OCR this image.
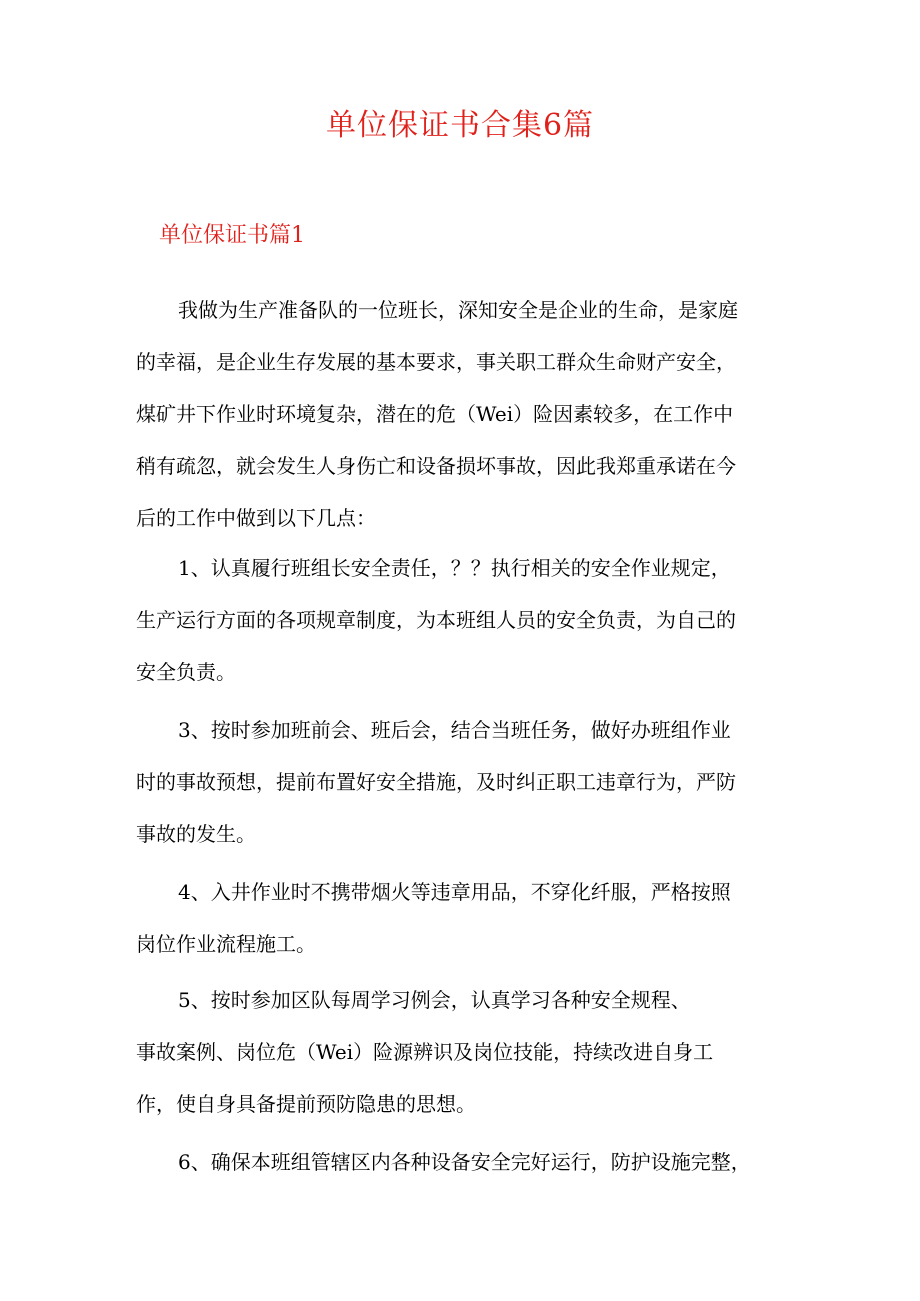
单位保证书合集6篇
单位保证书篇1
我做为生产准备队的一位班长，深知安全是企业的生命，是家庭
的幸福，是企业生存发展的基本要求，事关职工群众生命财产安全，
煤矿井下作业时环境复杂，潜在的危（Wei）险因素较多，在工作中
稍有疏忽，就会发生人身伤亡和设备损坏事故，因此我郑重承诺在今
后的工作中做到以下几点：
1、认真履行班组长安全责任，？？执行相关的安全作业规定，
生产运行方面的各项规章制度，为本班组人员的安全负责，为自己的
安全负责。
3、按时参加班前会、班后会，结合当班任务，做好办班组作业
时的事故预想，提前布置好安全措施，及时纠正职工违章行为，严防
事故的发生。
4、入井作业时不携带烟火等违章用品，不穿化纤服，严格按照
岗位作业流程施工。
5、按时参加区队每周学习例会，认真学习各种安全规程、
事故案例、岗位危（Wei）险源辨识及岗位技能，持续改进自身工
作，使自身具备提前预防隐患的思想。
6、确保本班组管辖区内各种设备安全完好运行，防护设施完整，
